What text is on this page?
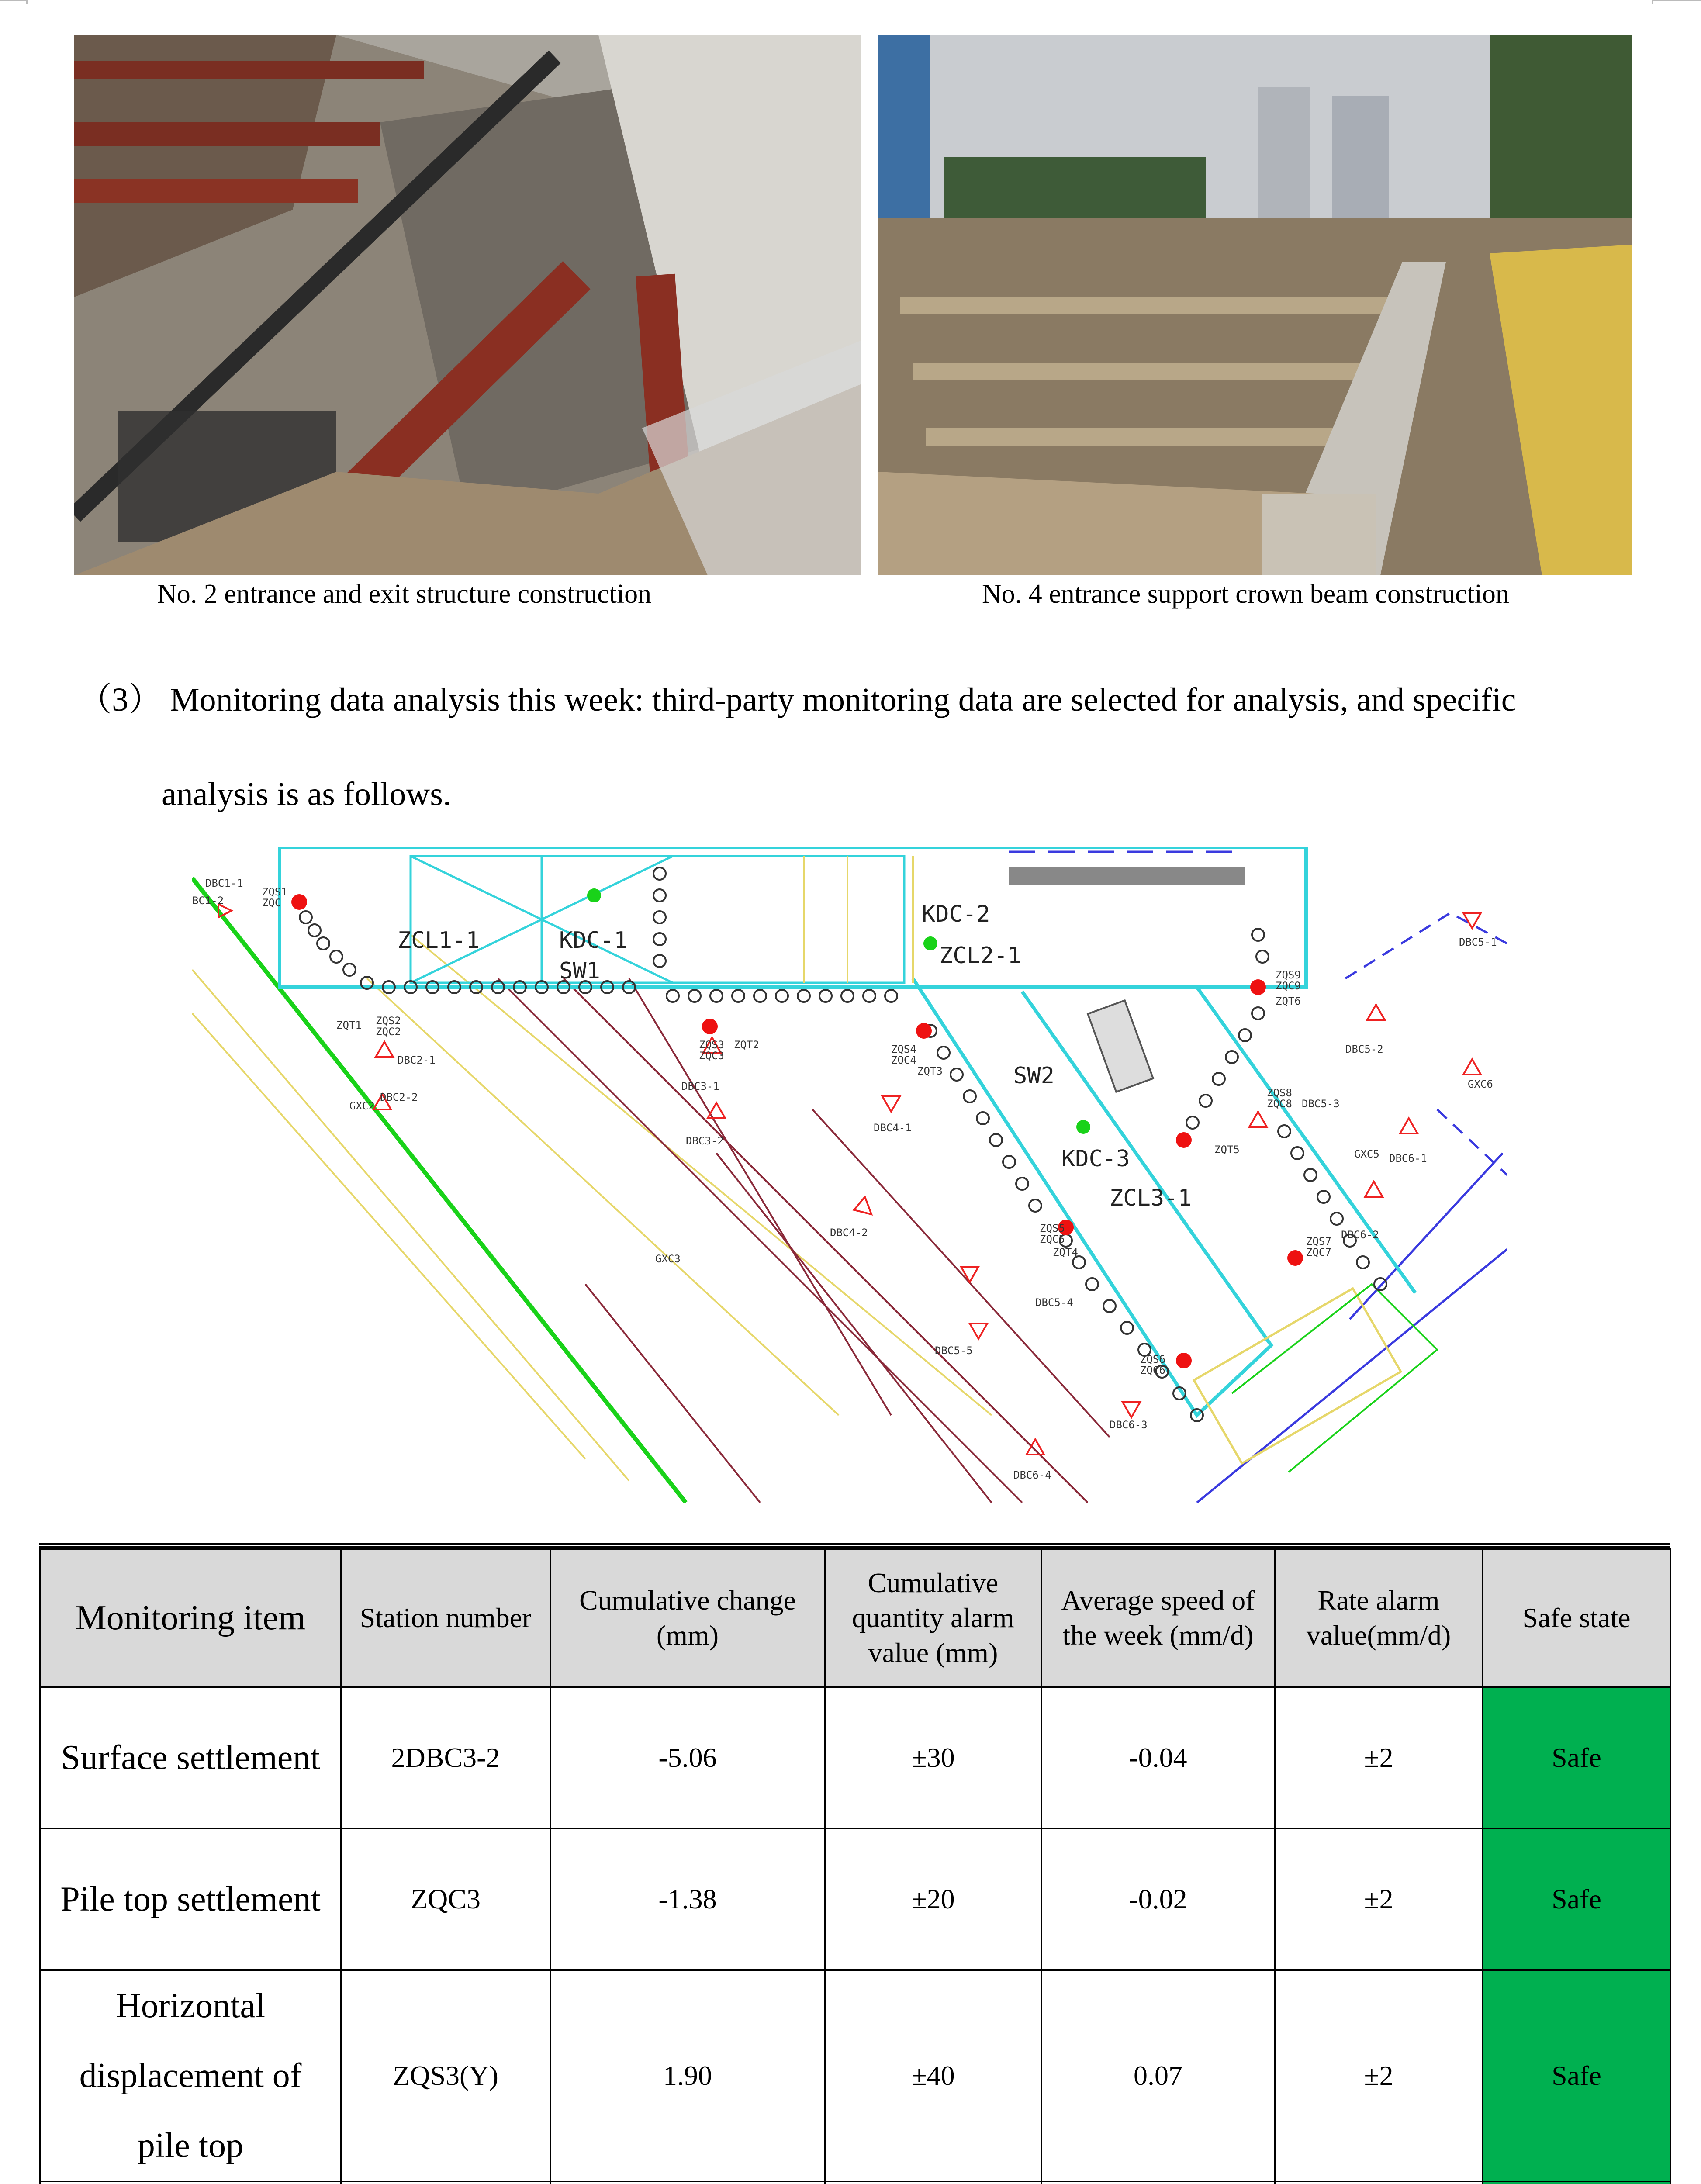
No. 2 entrance and exit structure construction	No. 4 entrance support crown beam construction
（3） Monitoring data analysis this week: third-party monitoring data are selected for analysis, and specific
analysis is as follows.
ZCL1-1	KDC-1
SW1
KDC-2
ZCL2-1
SW2
KDC-3
ZCL3-1
DBC1-1
BC1-2
ZQS1
ZQC
ZQT1 ZQS2
ZQC2
DBC2-1
DBC2-2
GXC2
ZQS3 ZQT2
ZQC3
DBC3-1
DBC3-2
GXC3
ZQS4
ZQC4
ZQT3
DBC4-1
DBC4-2
ZQS8
ZQC8 DBC5-3
ZQT5
ZQS9
ZQC9
ZQT6
DBC5-1
DBC5-2
DBC5-4
DBC5-5
ZQS5
ZQC5
ZQT4
ZQS7
ZQC7
DBC6-2
GXC5 DBC6-1
GXC6
ZQS6
ZQC6
DBC6-3
DBC6-4
Monitoring item	Station number	Cumulative change (mm)	Cumulative quantity alarm value (mm)	Average speed of the week (mm/d)	Rate alarm value(mm/d)	Safe state
Surface settlement	2DBC3-2	-5.06	±30	-0.04	±2	Safe
Pile top settlement	ZQC3	-1.38	±20	-0.02	±2	Safe
Horizontal displacement of pile top	ZQS3(Y)	1.90	±40	0.07	±2	Safe
